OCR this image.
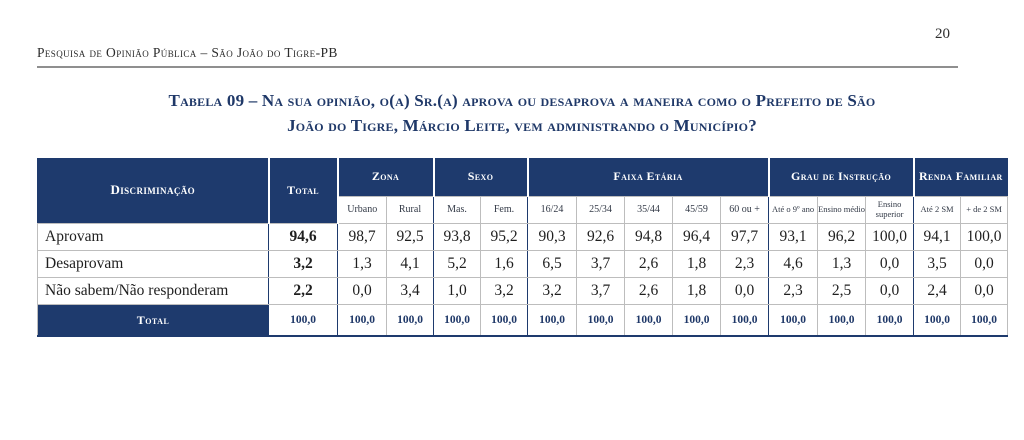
20
Pesquisa de Opinião Pública – São João do Tigre-PB
Tabela 09 – Na sua opinião, o(a) Sr.(a) aprova ou desaprova a maneira como o Prefeito de São
João do Tigre, Márcio Leite, vem administrando o Município?
Discriminação	Total	Zona		Sexo		Faixa Etária					Grau de Instrução			Renda Familiar	
		Urbano	Rural	Mas.	Fem.	16/24	25/34	35/44	45/59	60 ou +	Até o 9º ano	Ensino médio	Ensino superior	Até 2 SM	+ de 2 SM
Aprovam	94,6	98,7	92,5	93,8	95,2	90,3	92,6	94,8	96,4	97,7	93,1	96,2	100,0	94,1	100,0
Desaprovam	3,2	1,3	4,1	5,2	1,6	6,5	3,7	2,6	1,8	2,3	4,6	1,3	0,0	3,5	0,0
Não sabem/Não responderam	2,2	0,0	3,4	1,0	3,2	3,2	3,7	2,6	1,8	0,0	2,3	2,5	0,0	2,4	0,0
Total	100,0	100,0	100,0	100,0	100,0	100,0	100,0	100,0	100,0	100,0	100,0	100,0	100,0	100,0	100,0
